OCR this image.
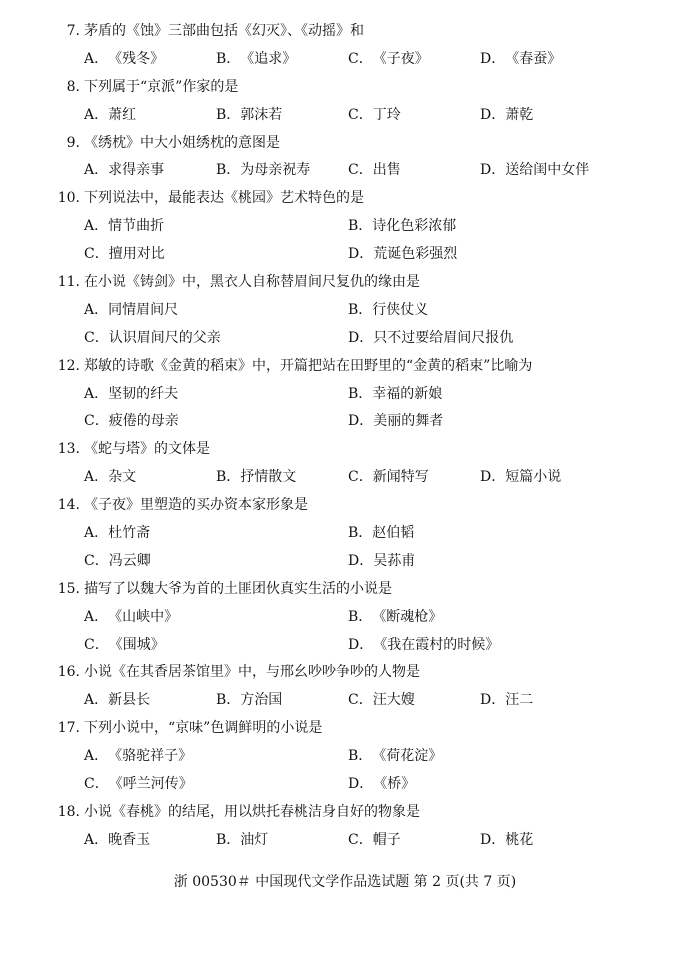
7. 茅盾的《蚀》三部曲包括《幻灭》、《动摇》和
A．《残冬》	B．《追求》	C．《子夜》	D．《春蚕》
8. 下列属于“京派”作家的是
A．萧红	B．郭沫若	C．丁玲	D．萧乾
9. 《绣枕》中大小姐绣枕的意图是
A．求得亲事	B．为母亲祝寿	C．出售	D．送给闺中女伴
10. 下列说法中，最能表达《桃园》艺术特色的是
A．情节曲折	B．诗化色彩浓郁
C．擅用对比	D．荒诞色彩强烈
11. 在小说《铸剑》中，黑衣人自称替眉间尺复仇的缘由是
A．同情眉间尺	B．行侠仗义
C．认识眉间尺的父亲	D．只不过要给眉间尺报仇
12. 郑敏的诗歌《金黄的稻束》中，开篇把站在田野里的“金黄的稻束”比喻为
A．坚韧的纤夫	B．幸福的新娘
C．疲倦的母亲	D．美丽的舞者
13. 《蛇与塔》的文体是
A．杂文	B．抒情散文	C．新闻特写	D．短篇小说
14. 《子夜》里塑造的买办资本家形象是
A．杜竹斋	B．赵伯韬
C．冯云卿	D．吴荪甫
15. 描写了以魏大爷为首的土匪团伙真实生活的小说是
A．《山峡中》	B．《断魂枪》
C．《围城》	D．《我在霞村的时候》
16. 小说《在其香居茶馆里》中，与邢幺吵吵争吵的人物是
A．新县长	B．方治国	C．汪大嫂	D．汪二
17. 下列小说中，“京味”色调鲜明的小说是
A．《骆驼祥子》	B．《荷花淀》
C．《呼兰河传》	D．《桥》
18. 小说《春桃》的结尾，用以烘托春桃洁身自好的物象是
A．晚香玉	B．油灯	C．帽子	D．桃花
浙 00530＃ 中国现代文学作品选试题 第 2 页(共 7 页)
